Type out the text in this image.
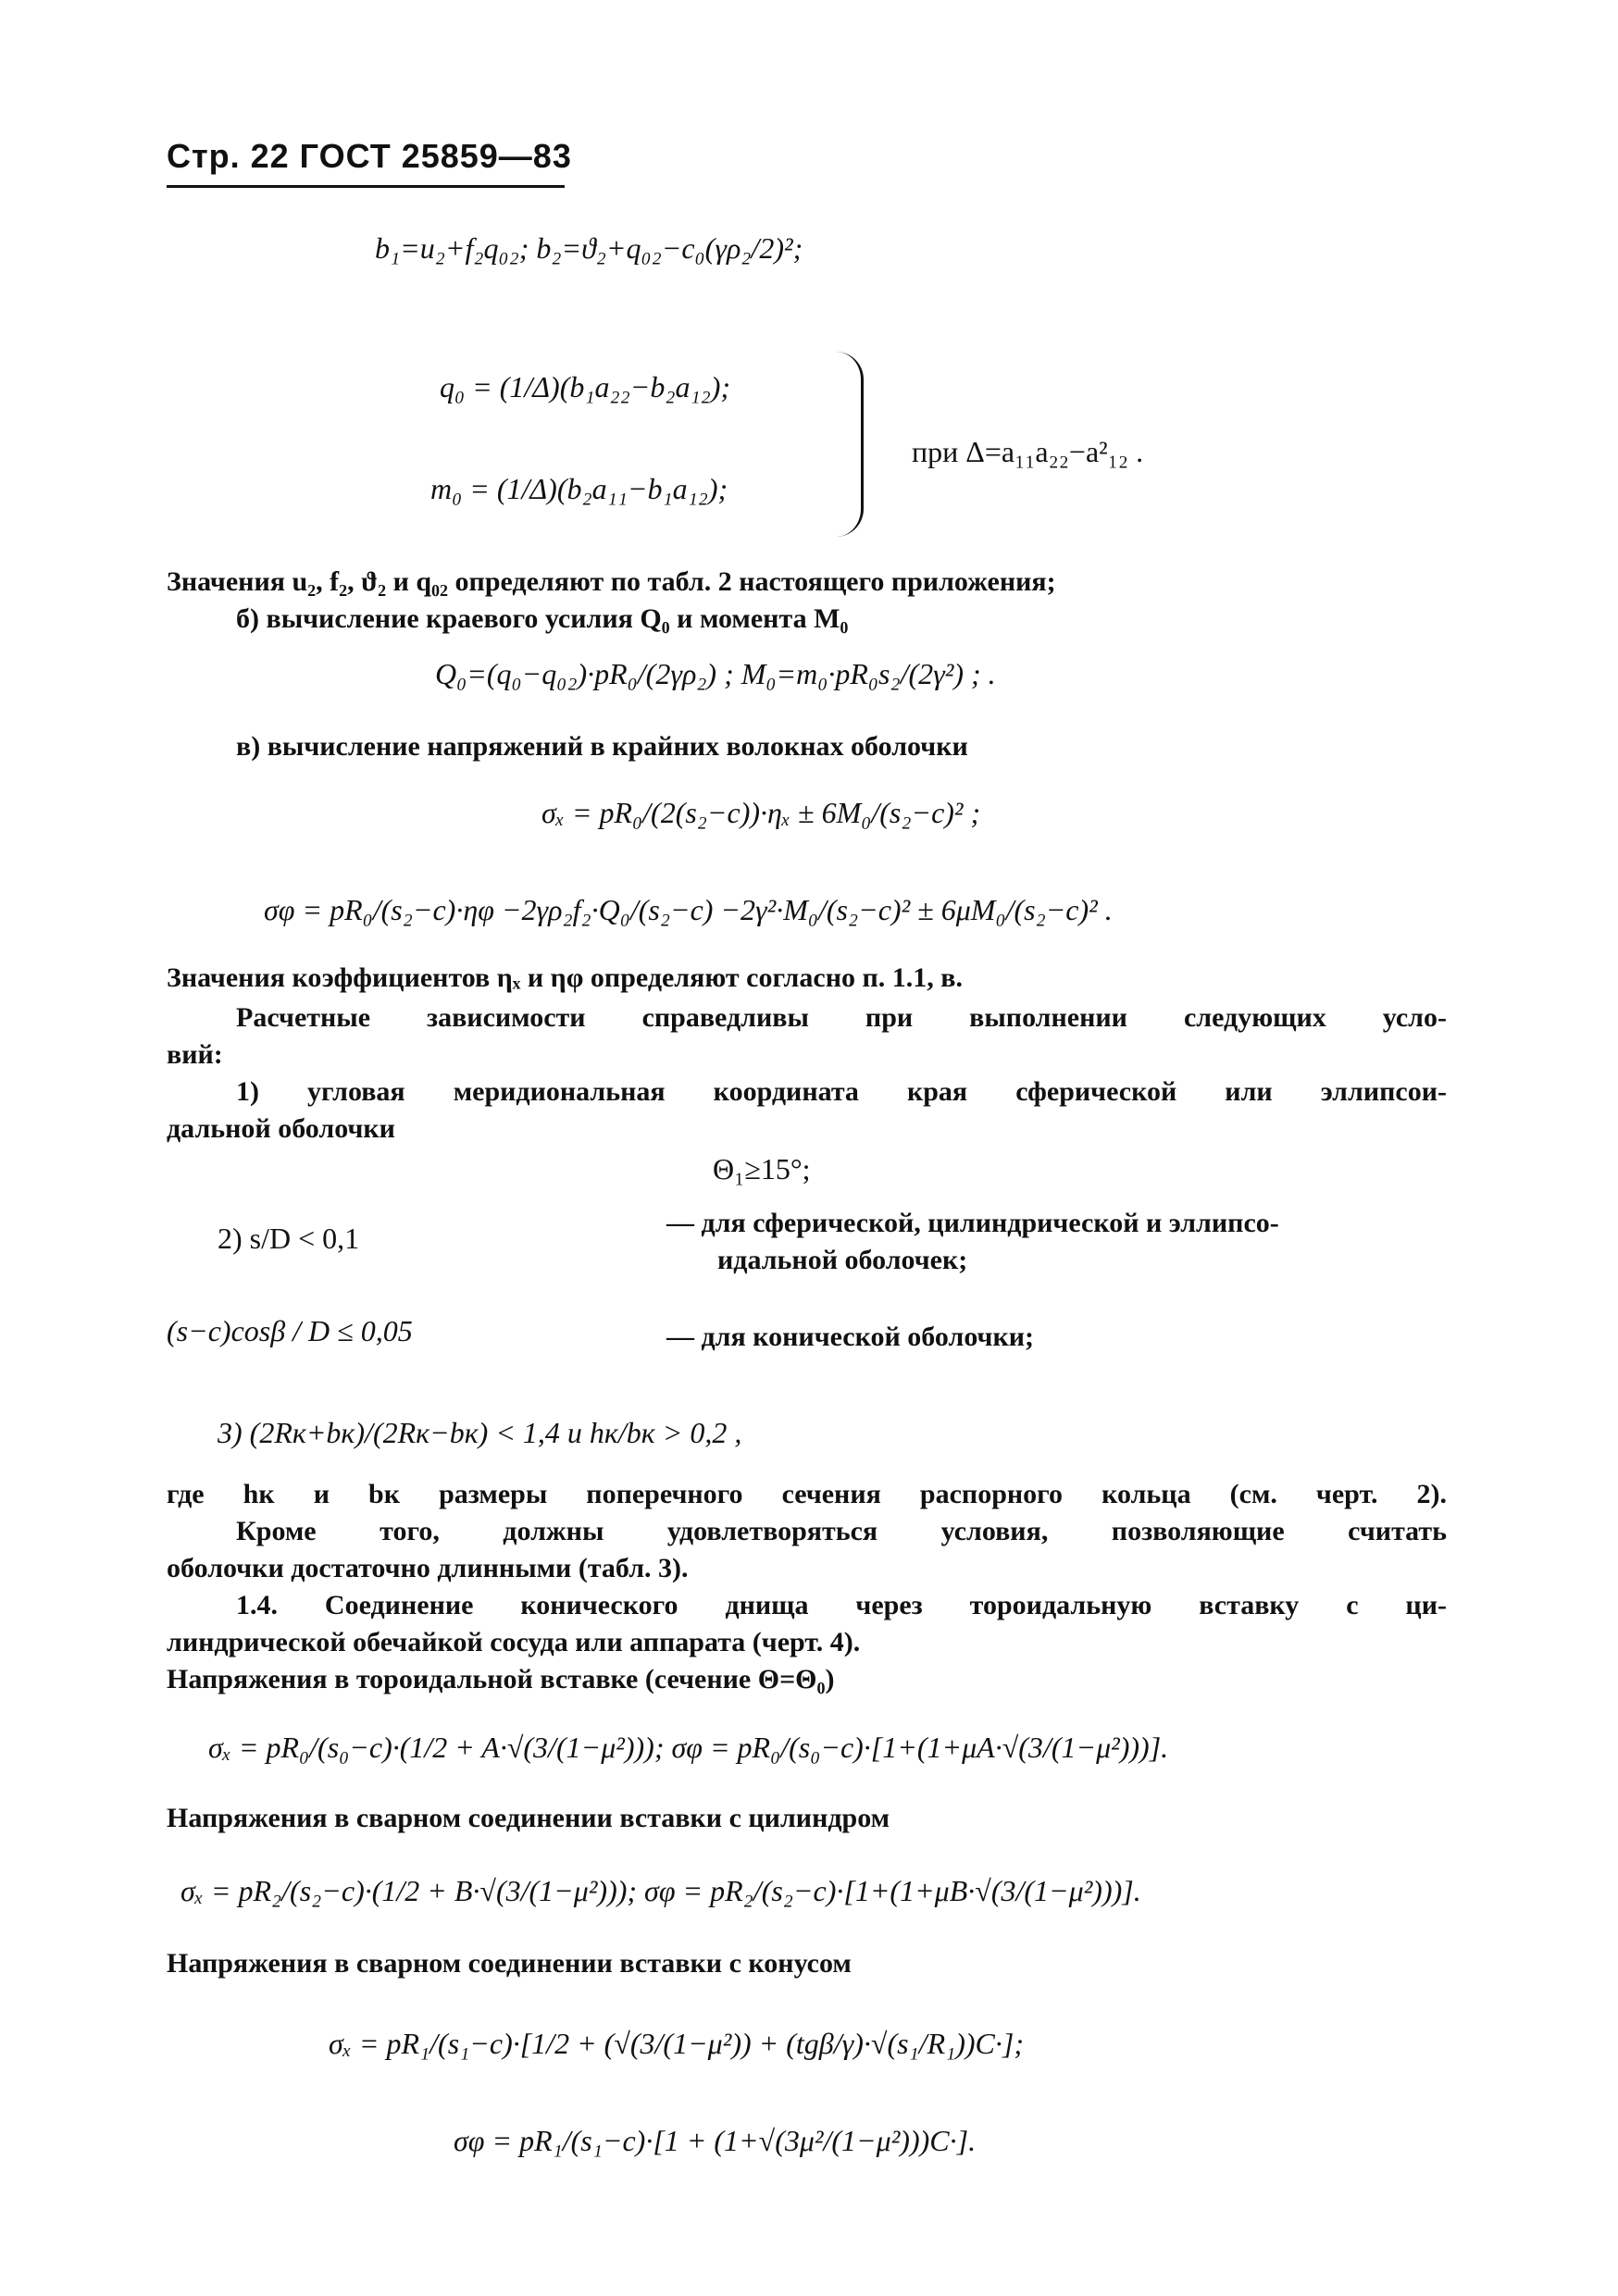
Стр. 22 ГОСТ 25859—83
b₁=u₂+f₂q₀₂; b₂=ϑ₂+q₀₂−c₀(γρ₂/2)²;
q₀ = (1/Δ)(b₁a₂₂−b₂a₁₂);
m₀ = (1/Δ)(b₂a₁₁−b₁a₁₂);
при Δ=a₁₁a₂₂−a²₁₂ .
Значения u₂, f₂, ϑ₂ и q₀₂ определяют по табл. 2 настоящего приложения;
б) вычисление краевого усилия Q₀ и момента M₀
Q₀=(q₀−q₀₂)·pR₀/(2γρ₂) ; M₀=m₀·pR₀s₂/(2γ²) ; .
в) вычисление напряжений в крайних волокнах оболочки
σₓ = pR₀/(2(s₂−c))·ηₓ ± 6M₀/(s₂−c)² ;
σφ = pR₀/(s₂−c)·ηφ −2γρ₂f₂·Q₀/(s₂−c) −2γ²·M₀/(s₂−c)² ± 6μM₀/(s₂−c)² .
Значения коэффициентов ηₓ и ηφ определяют согласно п. 1.1, в.
Расчетные зависимости справедливы при выполнении следующих усло-
вий:
1) угловая меридиональная координата края сферической или эллипсои-
дальной оболочки
Θ₁≥15°;
2) s/D < 0,1	— для сферической, цилиндрической и эллипсо-
идальной оболочек;
(s−c)cosβ / D ≤ 0,05	— для конической оболочки;
3) (2Rк+bк)/(2Rк−bк) < 1,4 и hк/bк > 0,2 ,
где hк и bк размеры поперечного сечения распорного кольца (см. черт. 2).
Кроме того, должны удовлетворяться условия, позволяющие считать
оболочки достаточно длинными (табл. 3).
1.4. Соединение конического днища через тороидальную вставку с ци-
линдрической обечайкой сосуда или аппарата (черт. 4).
Напряжения в тороидальной вставке (сечение Θ=Θ₀)
σₓ = pR₀/(s₀−c)·(1/2 + A·√(3/(1−μ²))); σφ = pR₀/(s₀−c)·[1+(1+μA·√(3/(1−μ²)))].
Напряжения в сварном соединении вставки с цилиндром
σₓ = pR₂/(s₂−c)·(1/2 + B·√(3/(1−μ²))); σφ = pR₂/(s₂−c)·[1+(1+μB·√(3/(1−μ²)))].
Напряжения в сварном соединении вставки с конусом
σₓ = pR₁/(s₁−c)·[1/2 + (√(3/(1−μ²)) + (tgβ/γ)·√(s₁/R₁))C·];
σφ = pR₁/(s₁−c)·[1 + (1+√(3μ²/(1−μ²)))C·].
